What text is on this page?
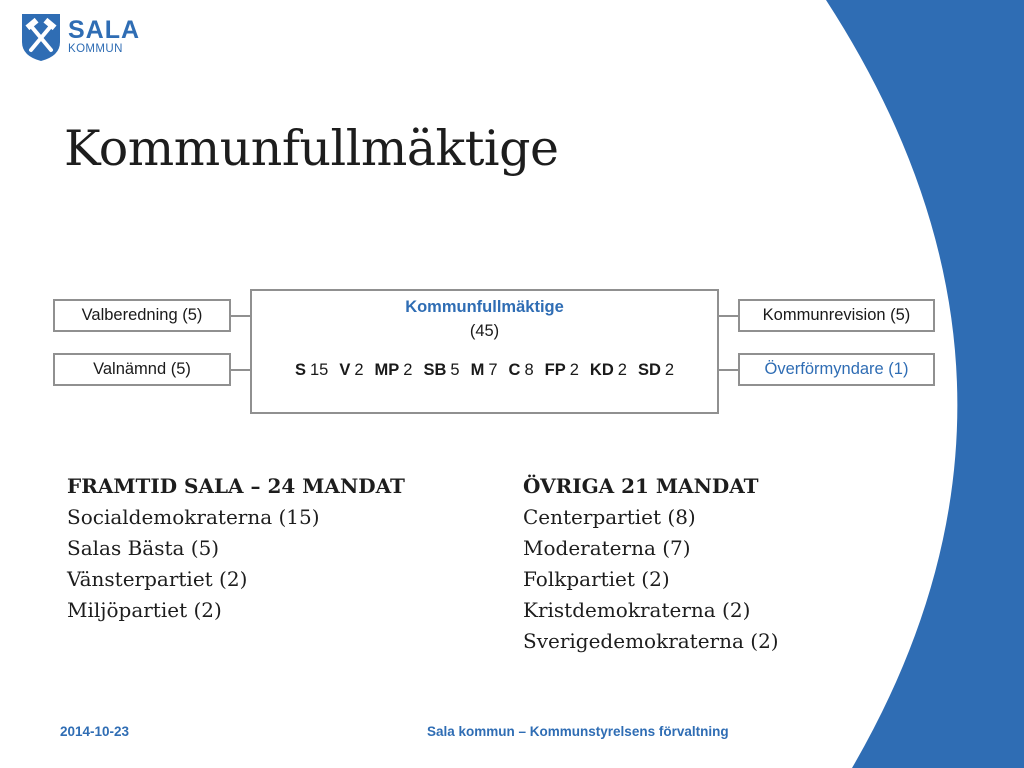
SALA
KOMMUN
Kommunfullmäktige
Valberedning (5)
Valnämnd (5)
Kommunrevision (5)
Överförmyndare (1)
Kommunfullmäktige
(45)
S 15 V 2 MP 2 SB 5 M 7 C 8 FP 2 KD 2 SD 2
FRAMTID SALA – 24 MANDAT
Socialdemokraterna (15)
Salas Bästa (5)
Vänsterpartiet (2)
Miljöpartiet (2)
ÖVRIGA 21 MANDAT
Centerpartiet (8)
Moderaterna (7)
Folkpartiet (2)
Kristdemokraterna (2)
Sverigedemokraterna (2)
2014-10-23	Sala kommun – Kommunstyrelsens förvaltning
